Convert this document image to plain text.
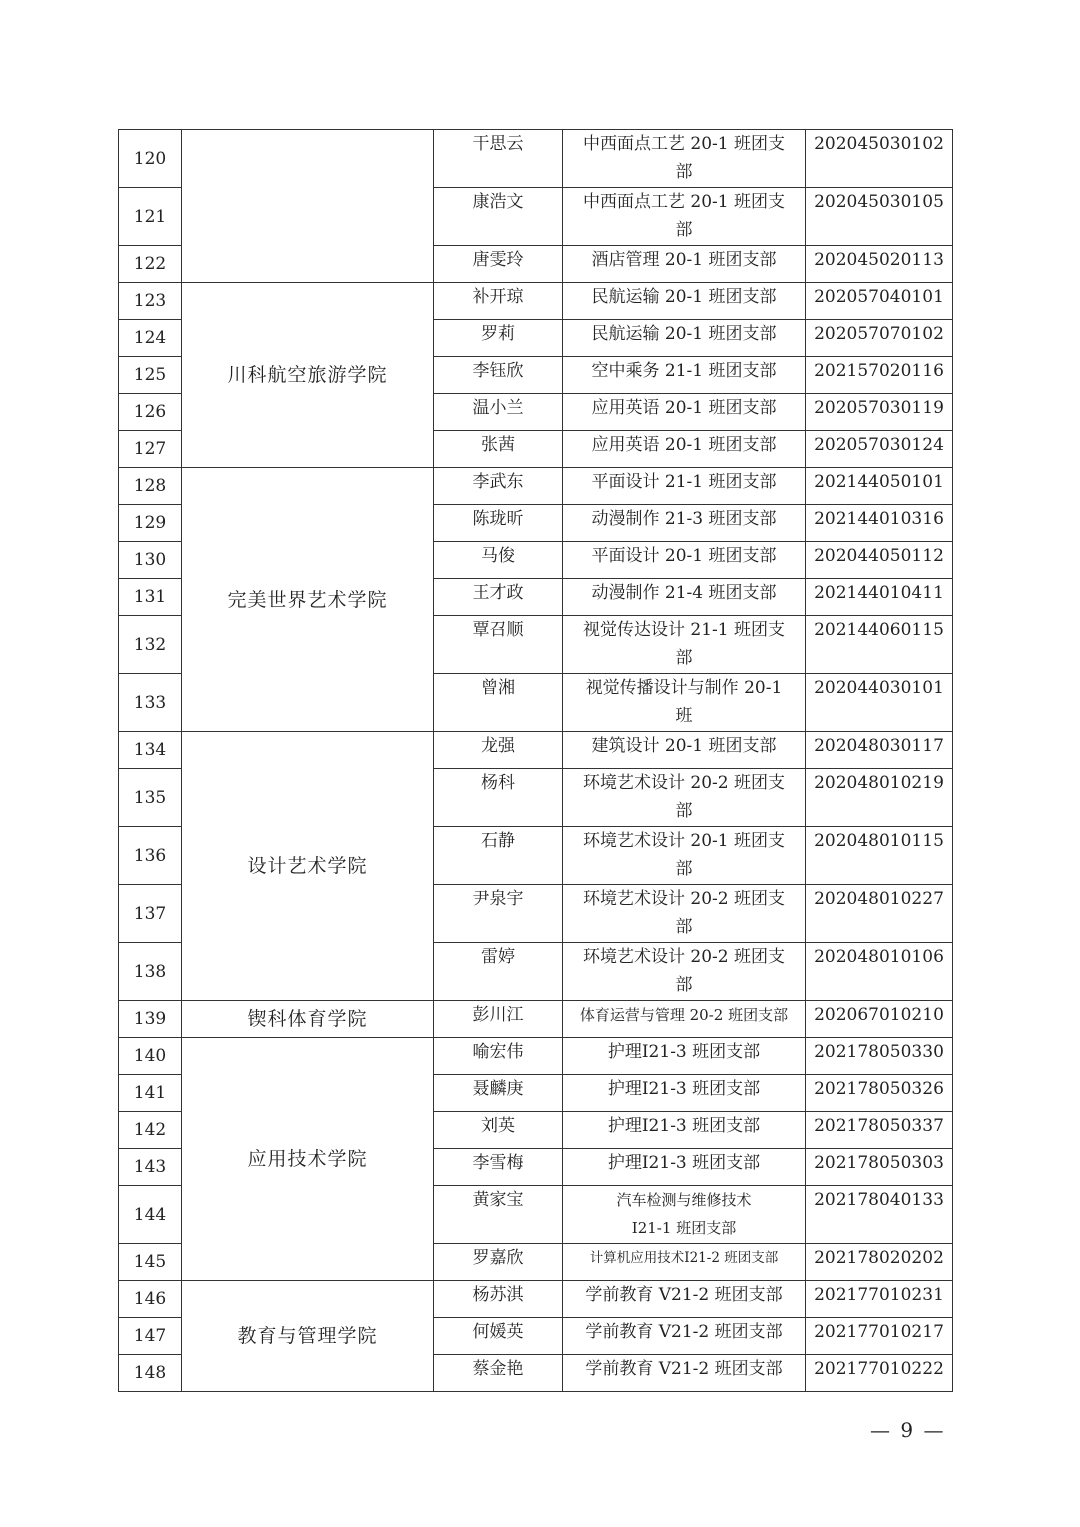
120		干思云	中西面点工艺 20-1 班团支部	202045030102
121		康浩文	中西面点工艺 20-1 班团支部	202045030105
122		唐雯玲	酒店管理 20-1 班团支部	202045020113
123	川科航空旅游学院	补开琼	民航运输 20-1 班团支部	202057040101
124		罗莉	民航运输 20-1 班团支部	202057070102
125		李钰欣	空中乘务 21-1 班团支部	202157020116
126		温小兰	应用英语 20-1 班团支部	202057030119
127		张茜	应用英语 20-1 班团支部	202057030124
128	完美世界艺术学院	李武东	平面设计 21-1 班团支部	202144050101
129		陈珑昕	动漫制作 21-3 班团支部	202144010316
130		马俊	平面设计 20-1 班团支部	202044050112
131		王才政	动漫制作 21-4 班团支部	202144010411
132		覃召顺	视觉传达设计 21-1 班团支部	202144060115
133		曾湘	视觉传播设计与制作 20-1 班	202044030101
134	设计艺术学院	龙强	建筑设计 20-1 班团支部	202048030117
135		杨科	环境艺术设计 20-2 班团支部	202048010219
136		石静	环境艺术设计 20-1 班团支部	202048010115
137		尹泉宇	环境艺术设计 20-2 班团支部	202048010227
138		雷婷	环境艺术设计 20-2 班团支部	202048010106
139	锲科体育学院	彭川江	体育运营与管理 20-2 班团支部	202067010210
140	应用技术学院	喻宏伟	护理Ⅰ21-3 班团支部	202178050330
141		聂麟庚	护理Ⅰ21-3 班团支部	202178050326
142		刘英	护理Ⅰ21-3 班团支部	202178050337
143		李雪梅	护理Ⅰ21-3 班团支部	202178050303
144		黄家宝	汽车检测与维修技术Ⅰ21-1 班团支部	202178040133
145		罗嘉欣	计算机应用技术Ⅰ21-2 班团支部	202178020202
146	教育与管理学院	杨苏淇	学前教育 V21-2 班团支部	202177010231
147		何媛英	学前教育 V21-2 班团支部	202177010217
148		蔡金艳	学前教育 V21-2 班团支部	202177010222
— 9 —
